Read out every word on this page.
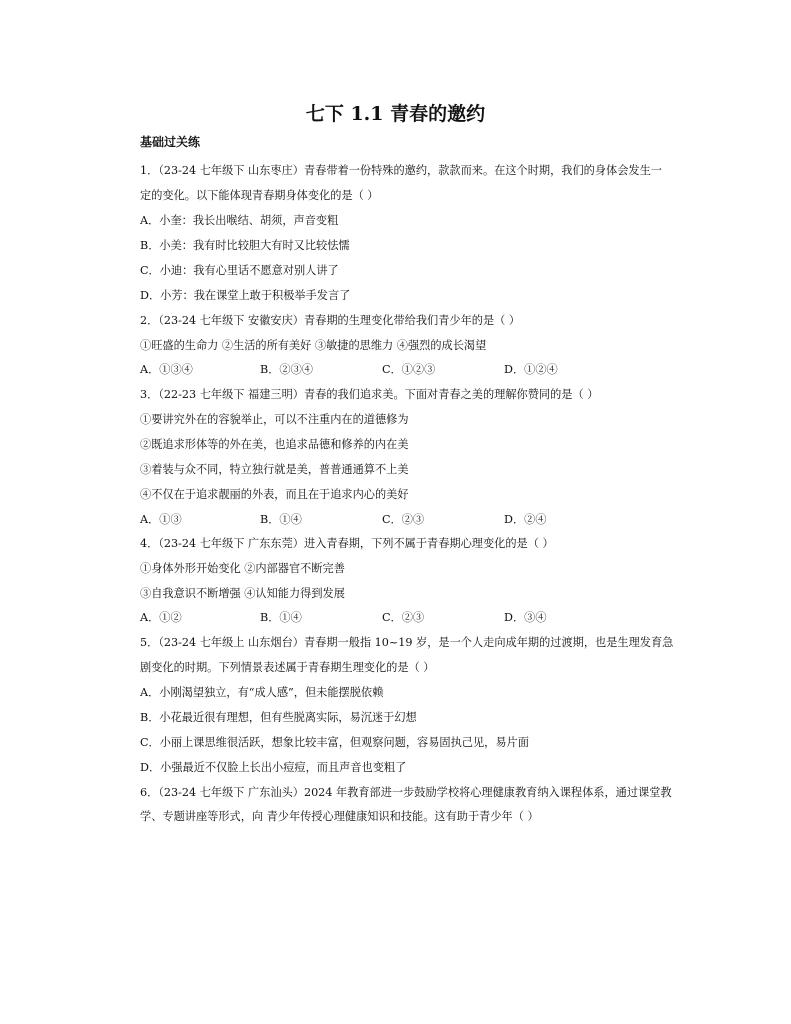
七下 1.1 青春的邀约
基础过关练
1．（23-24 七年级下 山东枣庄）青春带着一份特殊的邀约，款款而来。在这个时期，我们的身体会发生一
定的变化。以下能体现青春期身体变化的是（ ）
A．小奎：我长出喉结、胡须，声音变粗
B．小美：我有时比较胆大有时又比较怯懦
C．小迪：我有心里话不愿意对别人讲了
D．小芳：我在课堂上敢于积极举手发言了
2．（23-24 七年级下 安徽安庆）青春期的生理变化带给我们青少年的是（ ）
①旺盛的生命力 ②生活的所有美好 ③敏捷的思维力 ④强烈的成长渴望
A．①③④	B．②③④	C．①②③	D．①②④
3．（22-23 七年级下 福建三明）青春的我们追求美。下面对青春之美的理解你赞同的是（ ）
①要讲究外在的容貌举止，可以不注重内在的道德修为
②既追求形体等的外在美，也追求品德和修养的内在美
③着装与众不同，特立独行就是美，普普通通算不上美
④不仅在于追求靓丽的外表，而且在于追求内心的美好
A．①③	B．①④	C．②③	D．②④
4．（23-24 七年级下 广东东莞）进入青春期，下列不属于青春期心理变化的是（ ）
①身体外形开始变化 ②内部器官不断完善
③自我意识不断增强 ④认知能力得到发展
A．①②	B．①④	C．②③	D．③④
5．（23-24 七年级上 山东烟台）青春期一般指 10~19 岁，是一个人走向成年期的过渡期，也是生理发育急
剧变化的时期。下列情景表述属于青春期生理变化的是（ ）
A．小刚渴望独立，有“成人感”，但未能摆脱依赖
B．小花最近很有理想，但有些脱离实际，易沉迷于幻想
C．小丽上课思维很活跃，想象比较丰富，但观察问题，容易固执己见，易片面
D．小强最近不仅脸上长出小痘痘，而且声音也变粗了
6．（23-24 七年级下 广东汕头）2024 年教育部进一步鼓励学校将心理健康教育纳入课程体系，通过课堂教
学、专题讲座等形式，向 青少年传授心理健康知识和技能。这有助于青少年（ ）
